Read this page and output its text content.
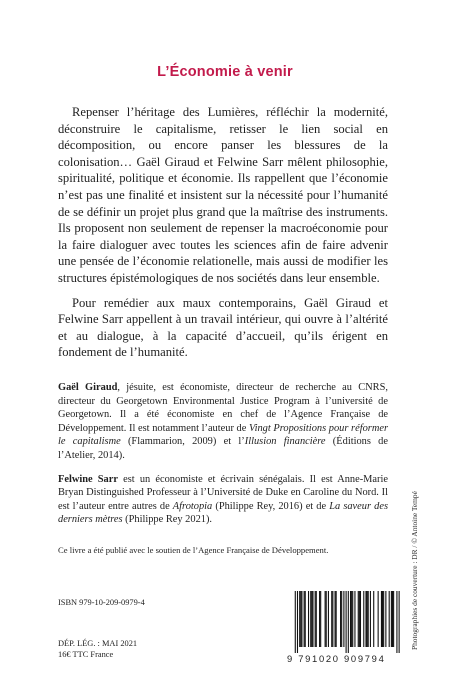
L’Économie à venir

Repenser l’héritage des Lumières, réfléchir la modernité, déconstruire le capitalisme, retisser le lien social en décomposition, ou encore panser les blessures de la colonisation… Gaël Giraud et Felwine Sarr mêlent philosophie, spiritualité, politique et économie. Ils rappellent que l’économie n’est pas une finalité et insistent sur la nécessité pour l’humanité de se définir un projet plus grand que la maîtrise des instruments. Ils proposent non seulement de repenser la macroéconomie pour la faire dialoguer avec toutes les sciences afin de faire advenir une pensée de l’économie relationelle, mais aussi de modifier les structures épistémologiques de nos sociétés dans leur ensemble.

Pour remédier aux maux contemporains, Gaël Giraud et Felwine Sarr appellent à un travail intérieur, qui ouvre à l’altérité et au dialogue, à la capacité d’accueil, qu’ils érigent en fondement de l’humanité.

Gaël Giraud, jésuite, est économiste, directeur de recherche au CNRS, directeur du Georgetown Environmental Justice Program à l’université de Georgetown. Il a été économiste en chef de l’Agence Française de Développement. Il est notamment l’auteur de Vingt Propositions pour réformer le capitalisme (Flammarion, 2009) et l’Illusion financière (Éditions de l’Atelier, 2014).

Felwine Sarr est un économiste et écrivain sénégalais. Il est Anne-Marie Bryan Distinguished Professeur à l’Université de Duke en Caroline du Nord. Il est l’auteur entre autres de Afrotopia (Philippe Rey, 2016) et de La saveur des derniers mètres (Philippe Rey 2021).

Ce livre a été publié avec le soutien de l’Agence Française de Développement.
ISBN 979-10-209-0979-4
DÉP. LÉG. : MAI 2021
16€ TTC France
Photographies de couverture : DR / © Antoine Tempé
9 791020 909794
